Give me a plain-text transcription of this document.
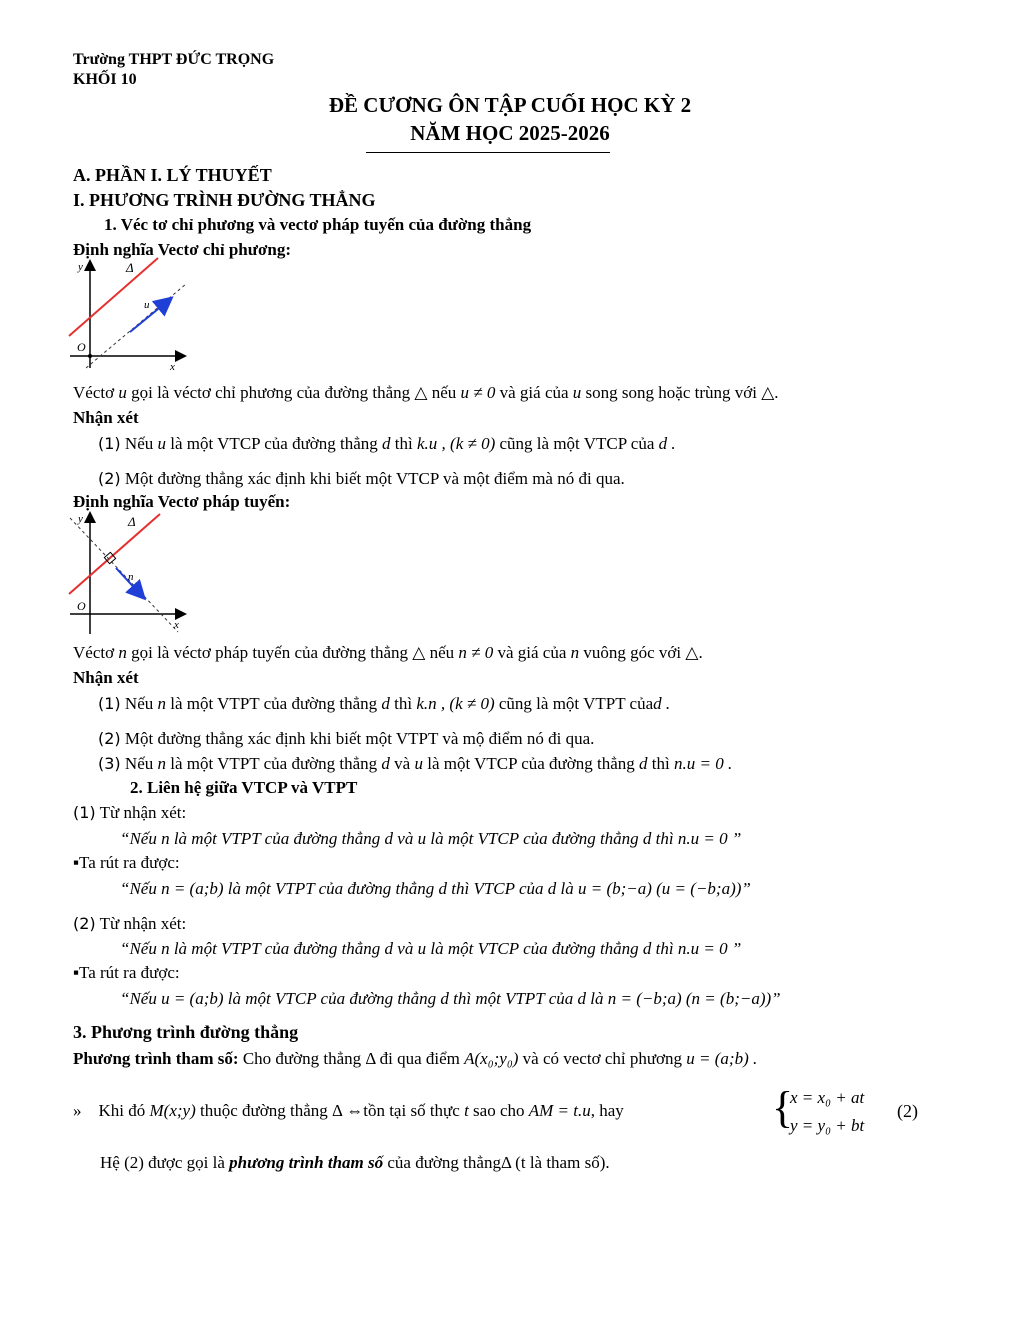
Trường THPT ĐỨC TRỌNG
KHỐI 10
ĐỀ CƯƠNG ÔN TẬP CUỐI HỌC KỲ 2
NĂM HỌC 2025-2026
A. PHẦN I. LÝ THUYẾT
I. PHƯƠNG TRÌNH ĐƯỜNG THẲNG
1. Véc tơ chỉ phương và vectơ pháp tuyến của đường thẳng
Định nghĩa Vectơ chỉ phương:
y	Δ
u
O
x
Véctơ u gọi là véctơ chỉ phương của đường thẳng △ nếu u ≠ 0 và giá của u song song hoặc trùng với △.
Nhận xét
(1) Nếu u là một VTCP của đường thẳng d thì k.u , (k ≠ 0) cũng là một VTCP của d .
(2) Một đường thẳng xác định khi biết một VTCP và một điểm mà nó đi qua.
Định nghĩa Vectơ pháp tuyến:
y	Δ
n
O
x
Véctơ n gọi là véctơ pháp tuyến của đường thẳng △ nếu n ≠ 0 và giá của n vuông góc với △.
Nhận xét
(1) Nếu n là một VTPT của đường thẳng d thì k.n , (k ≠ 0) cũng là một VTPT củad .
(2) Một đường thẳng xác định khi biết một VTPT và mộ điểm nó đi qua.
(3) Nếu n là một VTPT của đường thẳng d và u là một VTCP của đường thẳng d thì n.u = 0 .
2. Liên hệ giữa VTCP và VTPT
(1) Từ nhận xét:
“Nếu n là một VTPT của đường thẳng d và u là một VTCP của đường thẳng d thì n.u = 0 ”
▪Ta rút ra được:
“Nếu n = (a;b) là một VTPT của đường thẳng d thì VTCP của d là u = (b;−a) (u = (−b;a))”
(2) Từ nhận xét:
“Nếu n là một VTPT của đường thẳng d và u là một VTCP của đường thẳng d thì n.u = 0 ”
▪Ta rút ra được:
“Nếu u = (a;b) là một VTCP của đường thẳng d thì một VTPT của d là n = (−b;a) (n = (b;−a))”
3. Phương trình đường thẳng
Phương trình tham số: Cho đường thẳng Δ đi qua điểm A(x₀;y₀) và có vectơ chỉ phương u = (a;b) .
» Khi đó M(x;y) thuộc đường thẳng Δ ⇔tồn tại số thực t sao cho AM = t.u, hay	{
x = x₀ + at
y = y₀ + bt
(2)
Hệ (2) được gọi là phương trình tham số của đường thẳngΔ (t là tham số).
